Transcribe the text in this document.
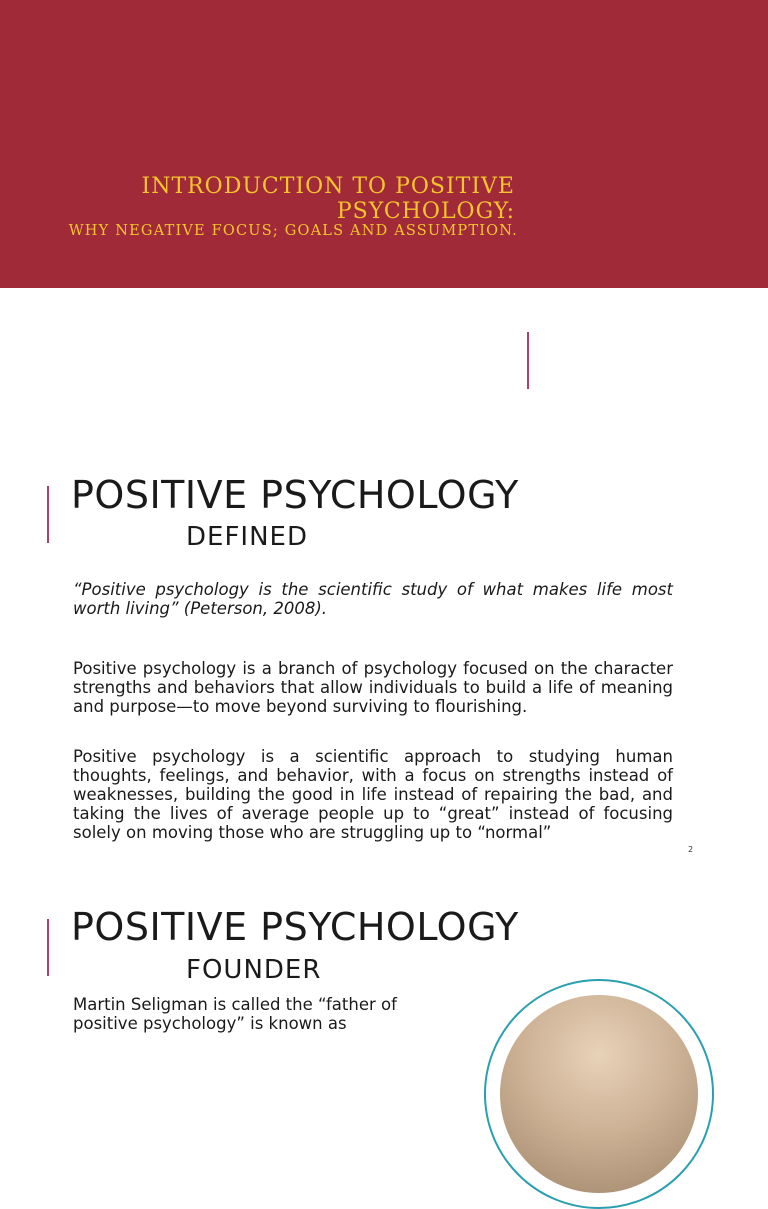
INTRODUCTION TO POSITIVE PSYCHOLOGY:
WHY NEGATIVE FOCUS; GOALS AND ASSUMPTION.
POSITIVE PSYCHOLOGY
DEFINED

“Positive psychology is the scientific study of what makes life most worth living” (Peterson, 2008).

Positive psychology is a branch of psychology focused on the character strengths and behaviors that allow individuals to build a life of meaning and purpose—to move beyond surviving to flourishing.

Positive psychology is a scientific approach to studying human thoughts, feelings, and behavior, with a focus on strengths instead of weaknesses, building the good in life instead of repairing the bad, and taking the lives of average people up to “great” instead of focusing solely on moving those who are struggling up to “normal”

2
POSITIVE PSYCHOLOGY
FOUNDER
Martin Seligman is called the “father of positive psychology” is known as
